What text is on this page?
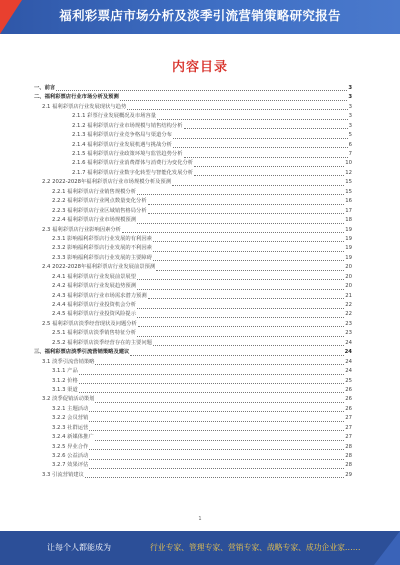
福利彩票店市场分析及淡季引流营销策略研究报告
内容目录
一、前言	3
二、福利彩票店行业市场分析及预测	3
2.1 福利彩票店行业发展现状与趋势	3
2.1.1 彩票行业发展概况及市场容量	3
2.1.2 福利彩票店行业市场规模与销售结构分析	3
2.1.3 福利彩票店行业竞争格局与渠道分布	5
2.1.4 福利彩票店行业发展机遇与挑战分析	6
2.1.5 福利彩票店行业政策环境与监管趋势分析	7
2.1.6 福利彩票店行业消费群体与消费行为变化分析	10
2.1.7 福利彩票店行业数字化转型与智能化发展分析	12
2.2 2022-2028年福利彩票店行业市场规模分析及预测	15
2.2.1 福利彩票店行业销售规模分析	15
2.2.2 福利彩票店行业网点数量变化分析	16
2.2.3 福利彩票店行业区域销售格局分析	17
2.2.4 福利彩票店行业市场规模预测	18
2.3 福利彩票店行业影响因素分析	19
2.3.1 影响福利彩票店行业发展的有利因素	19
2.3.2 影响福利彩票店行业发展的不利因素	19
2.3.3 影响福利彩票店行业发展的主要障碍	19
2.4 2022-2028年福利彩票店行业发展前景预测	20
2.4.1 福利彩票店行业发展前景展望	20
2.4.2 福利彩票店行业发展趋势预测	20
2.4.3 福利彩票店行业市场需求潜力预测	21
2.4.4 福利彩票店行业投资机会分析	22
2.4.5 福利彩票店行业投资风险提示	22
2.5 福利彩票店淡季经营现状及问题分析	23
2.5.1 福利彩票店淡季销售特征分析	23
2.5.2 福利彩票店淡季经营存在的主要问题	24
三、福利彩票店淡季引流营销策略及建议	24
3.1 淡季引流营销策略	24
3.1.1 产品	24
3.1.2 价格	25
3.1.3 渠道	26
3.2 淡季促销活动策划	26
3.2.1 主题活动	26
3.2.2 会员营销	27
3.2.3 社群运营	27
3.2.4 新媒体推广	27
3.2.5 异业合作	28
3.2.6 公益活动	28
3.2.7 效果评估	28
3.3 引流营销建议	29
1
让每个人都能成为	行业专家、管理专家、营销专家、战略专家、成功企业家……
